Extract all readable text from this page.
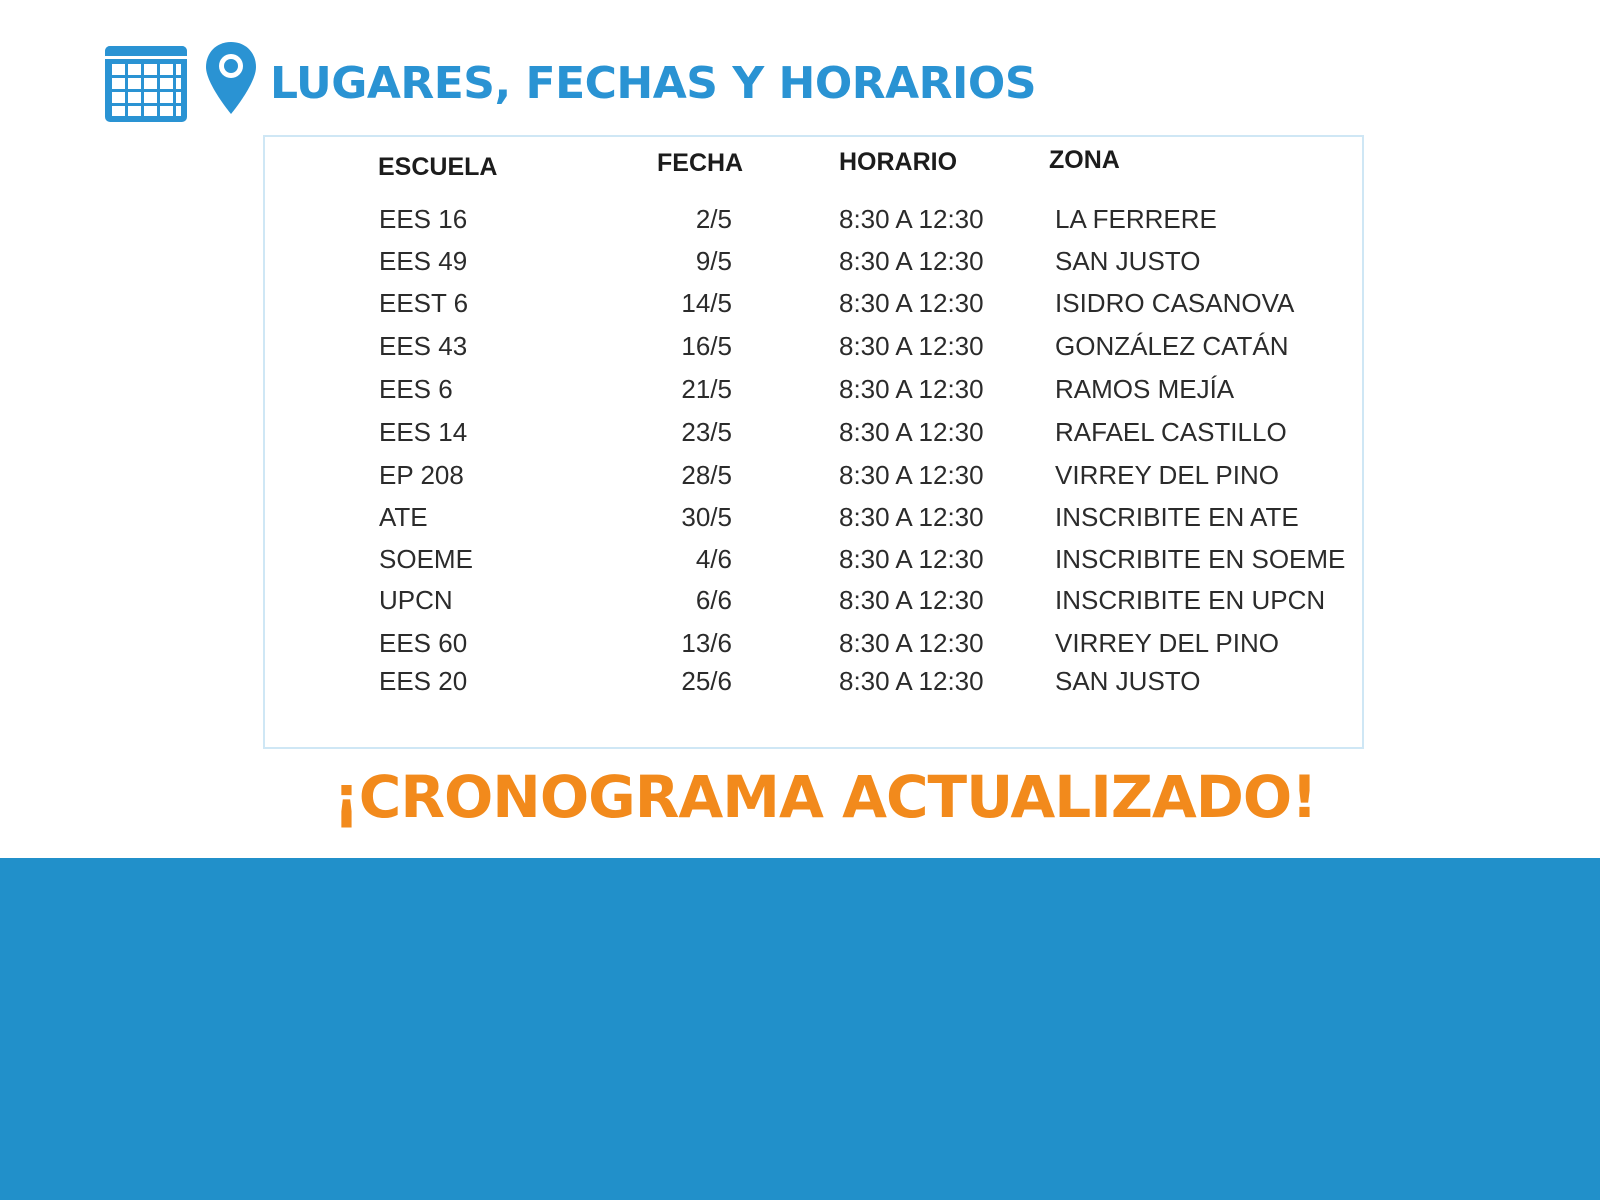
LUGARES, FECHAS Y HORARIOS
ESCUELA	FECHA	HORARIO	ZONA
EES 16	2/5	8:30 A 12:30	LA FERRERE
EES 49	9/5	8:30 A 12:30	SAN JUSTO
EEST 6	14/5	8:30 A 12:30	ISIDRO CASANOVA
EES 43	16/5	8:30 A 12:30	GONZÁLEZ CATÁN
EES 6	21/5	8:30 A 12:30	RAMOS MEJÍA
EES 14	23/5	8:30 A 12:30	RAFAEL CASTILLO
EP 208	28/5	8:30 A 12:30	VIRREY DEL PINO
ATE	30/5	8:30 A 12:30	INSCRIBITE EN ATE
SOEME	4/6	8:30 A 12:30	INSCRIBITE EN SOEME
UPCN	6/6	8:30 A 12:30	INSCRIBITE EN UPCN
EES 60	13/6	8:30 A 12:30	VIRREY DEL PINO
EES 20	25/6	8:30 A 12:30	SAN JUSTO
¡CRONOGRAMA ACTUALIZADO!
